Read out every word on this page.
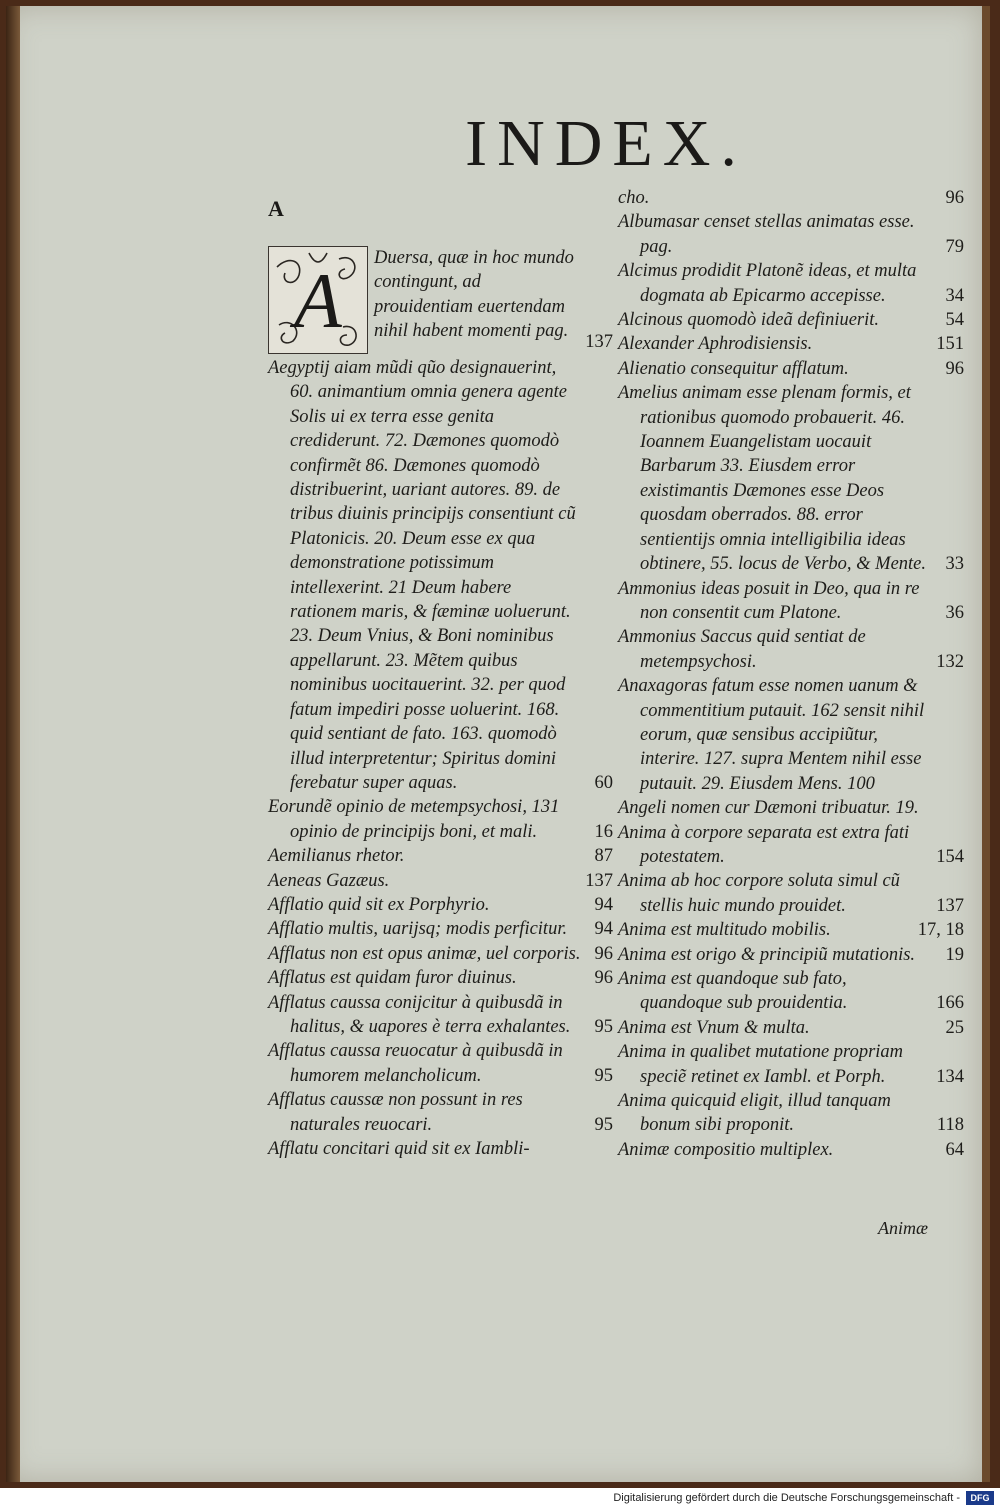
INDEX.
A
A Duersa, quæ in hoc mundo contingunt, ad prouidentiam euertendam nihil habent momenti pag.
137
Aegyptij aiam mũdi qũo designauerint, 60. animantium omnia genera agente Solis ui ex terra esse genita crediderunt. 72. Dæmones quomodò confirmẽt 86. Dæmones quomodò distribuerint, uariant autores. 89. de tribus diuinis principijs consentiunt cũ Platonicis. 20. Deum esse ex qua demonstratione potissimum intellexerint. 21 Deum habere rationem maris, & fæminæ uoluerunt. 23. Deum Vnius, & Boni nominibus appellarunt. 23. Mẽtem quibus nominibus uocitauerint. 32. per quod fatum impediri posse uoluerint. 168. quid sentiant de fato. 163. quomodò illud interpretentur; Spiritus domini ferebatur super aquas.	60
Eorundẽ opinio de metempsychosi, 131 opinio de principijs boni, et mali.	16
Aemilianus rhetor.	87
Aeneas Gazæus.	137
Afflatio quid sit ex Porphyrio.	94
Afflatio multis, uarijsq; modis perficitur.	94
Afflatus non est opus animæ, uel corporis. 96
Afflatus est quidam furor diuinus.	96
Afflatus caussa conijcitur à quibusdã in halitus, & uapores è terra exhalantes.	95
Afflatus caussa reuocatur à quibusdã in humorem melancholicum.	95
Afflatus caussæ non possunt in res naturales reuocari.	95
Afflatu concitari quid sit ex Iambli-
cho.	96
Albumasar censet stellas animatas esse. pag.	79
Alcimus prodidit Platonẽ ideas, et multa dogmata ab Epicarmo accepisse.	34
Alcinous quomodò ideã definiuerit.	54
Alexander Aphrodisiensis.	151
Alienatio consequitur afflatum.	96
Amelius animam esse plenam formis, et rationibus quomodo probauerit. 46. Ioannem Euangelistam uocauit Barbarum 33. Eiusdem error existimantis Dæmones esse Deos quosdam oberrados. 88. error sentientijs omnia intelligibilia ideas obtinere, 55. locus de Verbo, & Mente.	33
Ammonius ideas posuit in Deo, qua in re non consentit cum Platone.	36
Ammonius Saccus quid sentiat de metempsychosi.	132
Anaxagoras fatum esse nomen uanum & commentitium putauit. 162 sensit nihil eorum, quæ sensibus accipiũtur, interire. 127. supra Mentem nihil esse putauit. 29. Eiusdem Mens. 100
Angeli nomen cur Dæmoni tribuatur. 19.
Anima à corpore separata est extra fati potestatem.	154
Anima ab hoc corpore soluta simul cũ stellis huic mundo prouidet.	137
Anima est multitudo mobilis.	17, 18
Anima est origo & principiũ mutationis.	19
Anima est quandoque sub fato, quandoque sub prouidentia.	166
Anima est Vnum & multa.	25
Anima in qualibet mutatione propriam speciẽ retinet ex Iambl. et Porph.	134
Anima quicquid eligit, illud tanquam bonum sibi proponit.	118
Animæ compositio multiplex.	64
Animæ
Digitalisierung gefördert durch die Deutsche Forschungsgemeinschaft -	DFG
